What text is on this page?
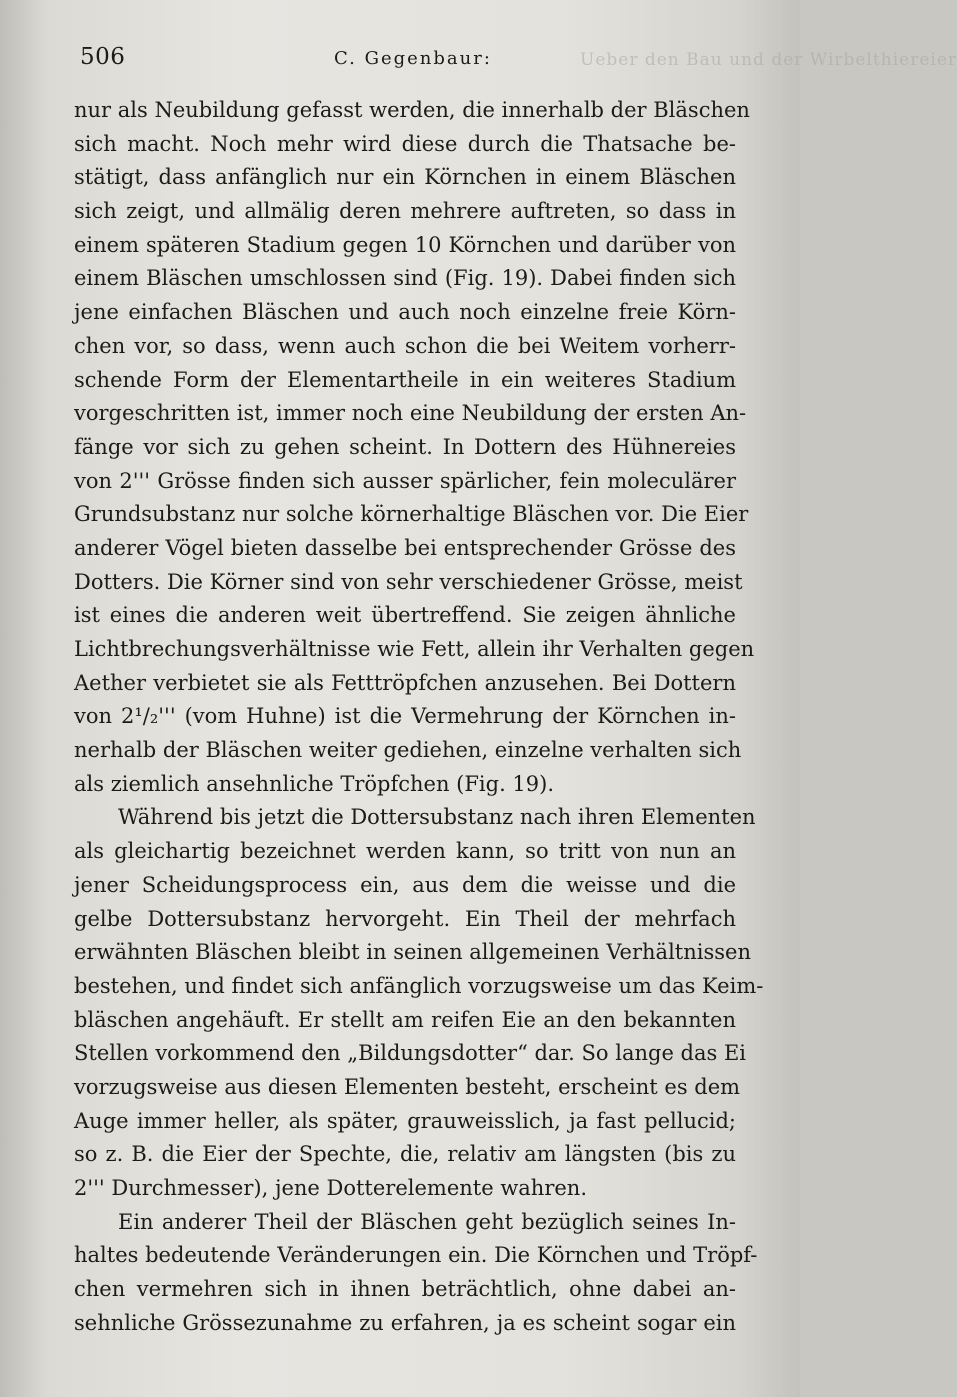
506	C. Gegenbaur:	Ueber den Bau und der Wirbelthiereier
nur als Neubildung gefasst werden, die innerhalb der Bläschen
sich macht. Noch mehr wird diese durch die Thatsache be-
stätigt, dass anfänglich nur ein Körnchen in einem Bläschen
sich zeigt, und allmälig deren mehrere auftreten, so dass in
einem späteren Stadium gegen 10 Körnchen und darüber von
einem Bläschen umschlossen sind (Fig. 19). Dabei finden sich
jene einfachen Bläschen und auch noch einzelne freie Körn-
chen vor, so dass, wenn auch schon die bei Weitem vorherr-
schende Form der Elementartheile in ein weiteres Stadium
vorgeschritten ist, immer noch eine Neubildung der ersten An-
fänge vor sich zu gehen scheint. In Dottern des Hühnereies
von 2''' Grösse finden sich ausser spärlicher, fein moleculärer
Grundsubstanz nur solche körnerhaltige Bläschen vor. Die Eier
anderer Vögel bieten dasselbe bei entsprechender Grösse des
Dotters. Die Körner sind von sehr verschiedener Grösse, meist
ist eines die anderen weit übertreffend. Sie zeigen ähnliche
Lichtbrechungsverhältnisse wie Fett, allein ihr Verhalten gegen
Aether verbietet sie als Fetttröpfchen anzusehen. Bei Dottern
von 2¹/₂''' (vom Huhne) ist die Vermehrung der Körnchen in-
nerhalb der Bläschen weiter gediehen, einzelne verhalten sich
als ziemlich ansehnliche Tröpfchen (Fig. 19).
Während bis jetzt die Dottersubstanz nach ihren Elementen
als gleichartig bezeichnet werden kann, so tritt von nun an
jener Scheidungsprocess ein, aus dem die weisse und die
gelbe Dottersubstanz hervorgeht. Ein Theil der mehrfach
erwähnten Bläschen bleibt in seinen allgemeinen Verhältnissen
bestehen, und findet sich anfänglich vorzugsweise um das Keim-
bläschen angehäuft. Er stellt am reifen Eie an den bekannten
Stellen vorkommend den „Bildungsdotter“ dar. So lange das Ei
vorzugsweise aus diesen Elementen besteht, erscheint es dem
Auge immer heller, als später, grauweisslich, ja fast pellucid;
so z. B. die Eier der Spechte, die, relativ am längsten (bis zu
2''' Durchmesser), jene Dotterelemente wahren.
Ein anderer Theil der Bläschen geht bezüglich seines In-
haltes bedeutende Veränderungen ein. Die Körnchen und Tröpf-
chen vermehren sich in ihnen beträchtlich, ohne dabei an-
sehnliche Grössezunahme zu erfahren, ja es scheint sogar ein
